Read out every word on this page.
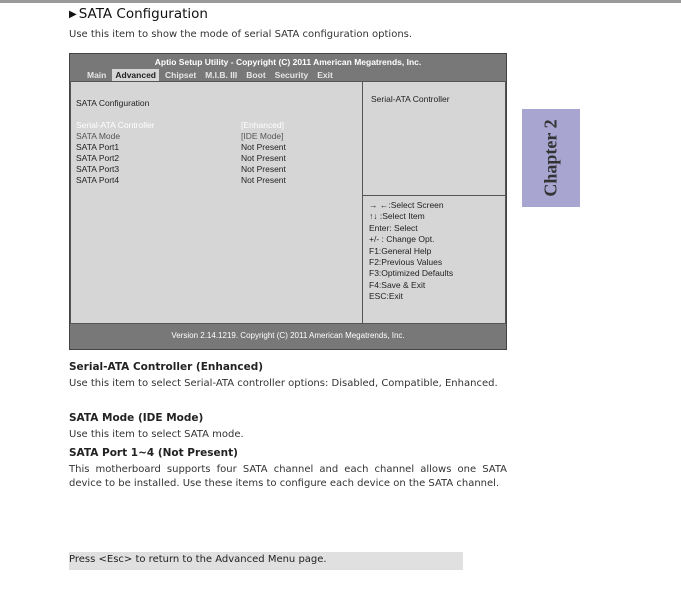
▶ SATA Configuration
Use this item to show the mode of serial SATA configuration options.
Aptio Setup Utility - Copyright (C) 2011 American Megatrends, Inc.
Main	Advanced	Chipset	M.I.B. III	Boot	Security	Exit
SATA Configuration
Serial-ATA Controller	[Enhanced]
SATA Mode	[IDE Mode]
SATA Port1	Not Present
SATA Port2	Not Present
SATA Port3	Not Present
SATA Port4	Not Present
Serial-ATA Controller
→ ←:Select Screen
↑↓ :Select Item
Enter: Select
+/- : Change Opt.
F1:General Help
F2:Previous Values
F3:Optimized Defaults
F4:Save & Exit
ESC:Exit
Version 2.14.1219. Copyright (C) 2011 American Megatrends, Inc.
Chapter 2
Serial-ATA Controller (Enhanced)
Use this item to select Serial-ATA controller options: Disabled, Compatible, Enhanced.
SATA Mode (IDE Mode)
Use this item to select SATA mode.
SATA Port 1~4 (Not Present)
This motherboard supports four SATA channel and each channel allows one SATA device to be installed. Use these items to configure each device on the SATA channel.
Press <Esc> to return to the Advanced Menu page.
